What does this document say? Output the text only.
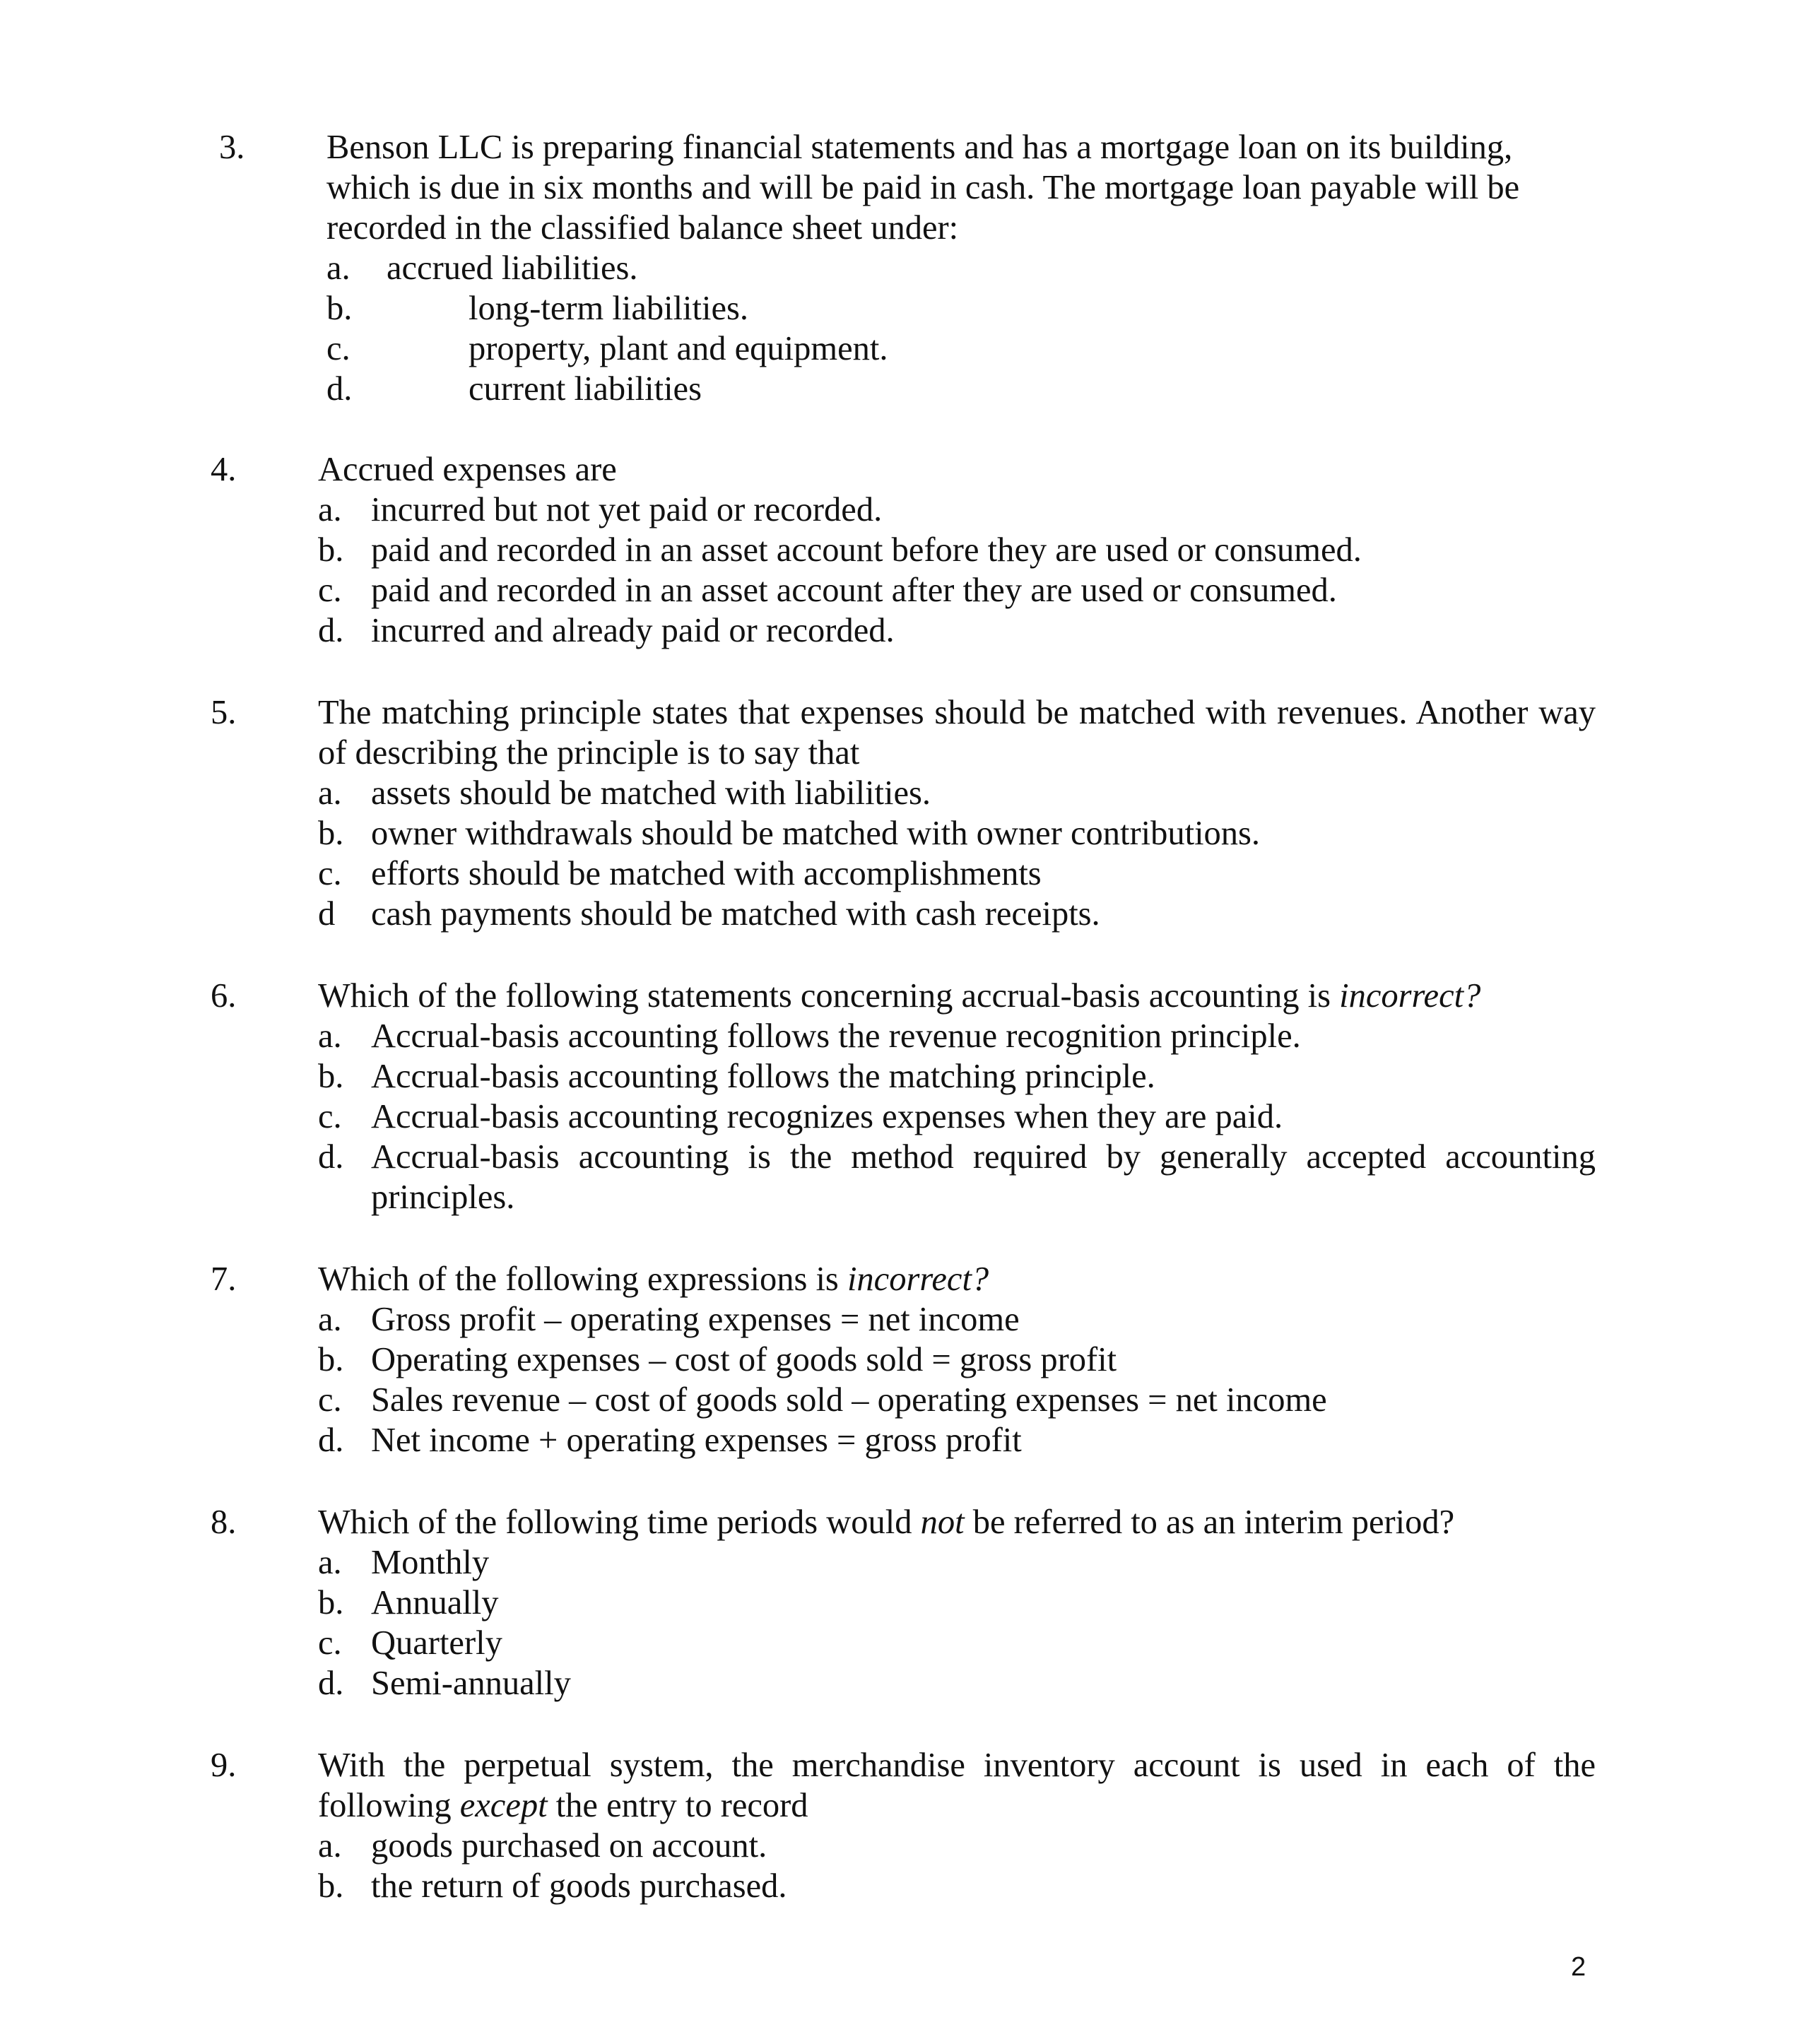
3. Benson LLC is preparing financial statements and has a mortgage loan on its building, which is due in six months and will be paid in cash. The mortgage loan payable will be recorded in the classified balance sheet under:
a. accrued liabilities.
b.	long-term liabilities.
c.	property, plant and equipment.
d.	current liabilities
4. Accrued expenses are
a. incurred but not yet paid or recorded.
b. paid and recorded in an asset account before they are used or consumed.
c. paid and recorded in an asset account after they are used or consumed.
d. incurred and already paid or recorded.
5. The matching principle states that expenses should be matched with revenues. Another way of describing the principle is to say that
a. assets should be matched with liabilities.
b. owner withdrawals should be matched with owner contributions.
c. efforts should be matched with accomplishments
d cash payments should be matched with cash receipts.
6. Which of the following statements concerning accrual-basis accounting is incorrect?
a. Accrual-basis accounting follows the revenue recognition principle.
b. Accrual-basis accounting follows the matching principle.
c. Accrual-basis accounting recognizes expenses when they are paid.
d. Accrual-basis accounting is the method required by generally accepted accounting principles.
7. Which of the following expressions is incorrect?
a. Gross profit – operating expenses = net income
b. Operating expenses – cost of goods sold = gross profit
c. Sales revenue – cost of goods sold – operating expenses = net income
d. Net income + operating expenses = gross profit
8. Which of the following time periods would not be referred to as an interim period?
a. Monthly
b. Annually
c. Quarterly
d. Semi-annually
9. With the perpetual system, the merchandise inventory account is used in each of the
following except the entry to record
a. goods purchased on account.
b. the return of goods purchased.
2
